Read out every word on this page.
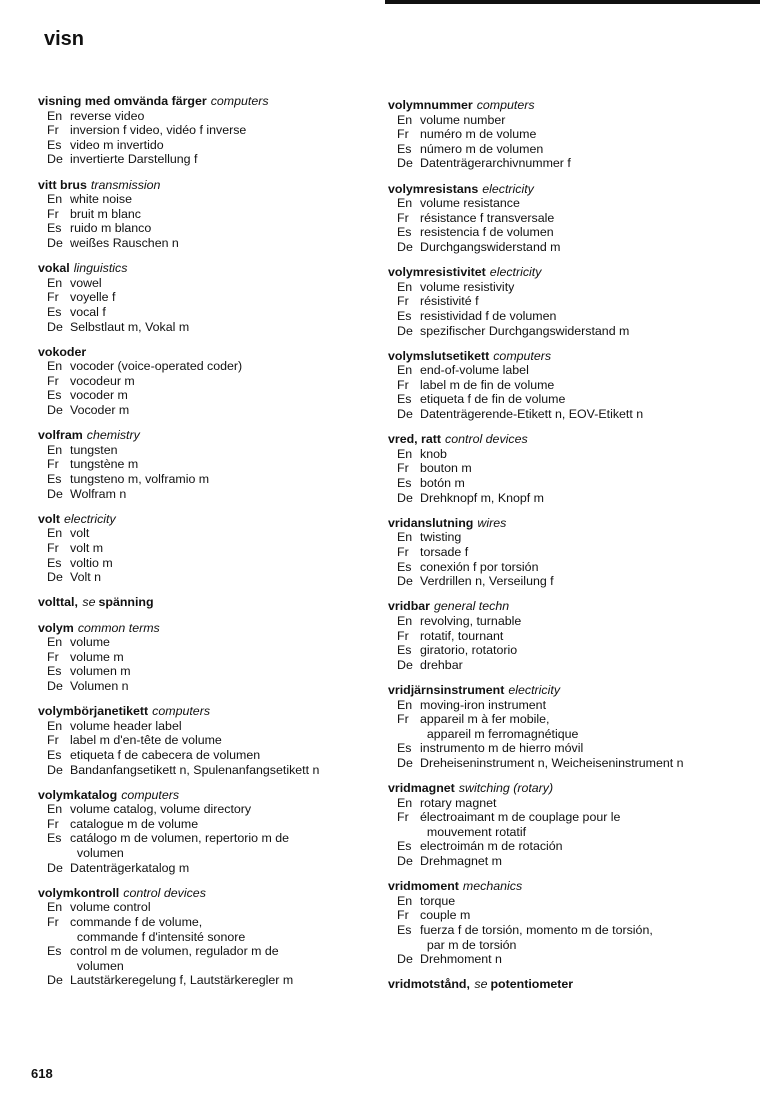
visn
visning med omvända färger computers
En reverse video
Fr inversion f video, vidéo f inverse
Es video m invertido
De invertierte Darstellung f
vitt brus transmission
En white noise
Fr bruit m blanc
Es ruido m blanco
De weißes Rauschen n
vokal linguistics
En vowel
Fr voyelle f
Es vocal f
De Selbstlaut m, Vokal m
vokoder
En vocoder (voice-operated coder)
Fr vocodeur m
Es vocoder m
De Vocoder m
volfram chemistry
En tungsten
Fr tungstène m
Es tungsteno m, volframio m
De Wolfram n
volt electricity
En volt
Fr volt m
Es voltio m
De Volt n
volttal, se spänning
volym common terms
En volume
Fr volume m
Es volumen m
De Volumen n
volymbörjanetikett computers
En volume header label
Fr label m d'en-tête de volume
Es etiqueta f de cabecera de volumen
De Bandanfangsetikett n, Spulenanfangsetikett n
volymkatalog computers
En volume catalog, volume directory
Fr catalogue m de volume
Es catálogo m de volumen, repertorio m de
volumen
De Datenträgerkatalog m
volymkontroll control devices
En volume control
Fr commande f de volume,
commande f d'intensité sonore
Es control m de volumen, regulador m de
volumen
De Lautstärkeregelung f, Lautstärkeregler m
volymnummer computers
En volume number
Fr numéro m de volume
Es número m de volumen
De Datenträgerarchivnummer f
volymresistans electricity
En volume resistance
Fr résistance f transversale
Es resistencia f de volumen
De Durchgangswiderstand m
volymresistivitet electricity
En volume resistivity
Fr résistivité f
Es resistividad f de volumen
De spezifischer Durchgangswiderstand m
volymslutsetikett computers
En end-of-volume label
Fr label m de fin de volume
Es etiqueta f de fin de volume
De Datenträgerende-Etikett n, EOV-Etikett n
vred, ratt control devices
En knob
Fr bouton m
Es botón m
De Drehknopf m, Knopf m
vridanslutning wires
En twisting
Fr torsade f
Es conexión f por torsión
De Verdrillen n, Verseilung f
vridbar general techn
En revolving, turnable
Fr rotatif, tournant
Es giratorio, rotatorio
De drehbar
vridjärnsinstrument electricity
En moving-iron instrument
Fr appareil m à fer mobile,
appareil m ferromagnétique
Es instrumento m de hierro móvil
De Dreheiseninstrument n, Weicheiseninstrument n
vridmagnet switching (rotary)
En rotary magnet
Fr électroaimant m de couplage pour le
mouvement rotatif
Es electroimán m de rotación
De Drehmagnet m
vridmoment mechanics
En torque
Fr couple m
Es fuerza f de torsión, momento m de torsión,
par m de torsión
De Drehmoment n
vridmotstånd, se potentiometer
618
